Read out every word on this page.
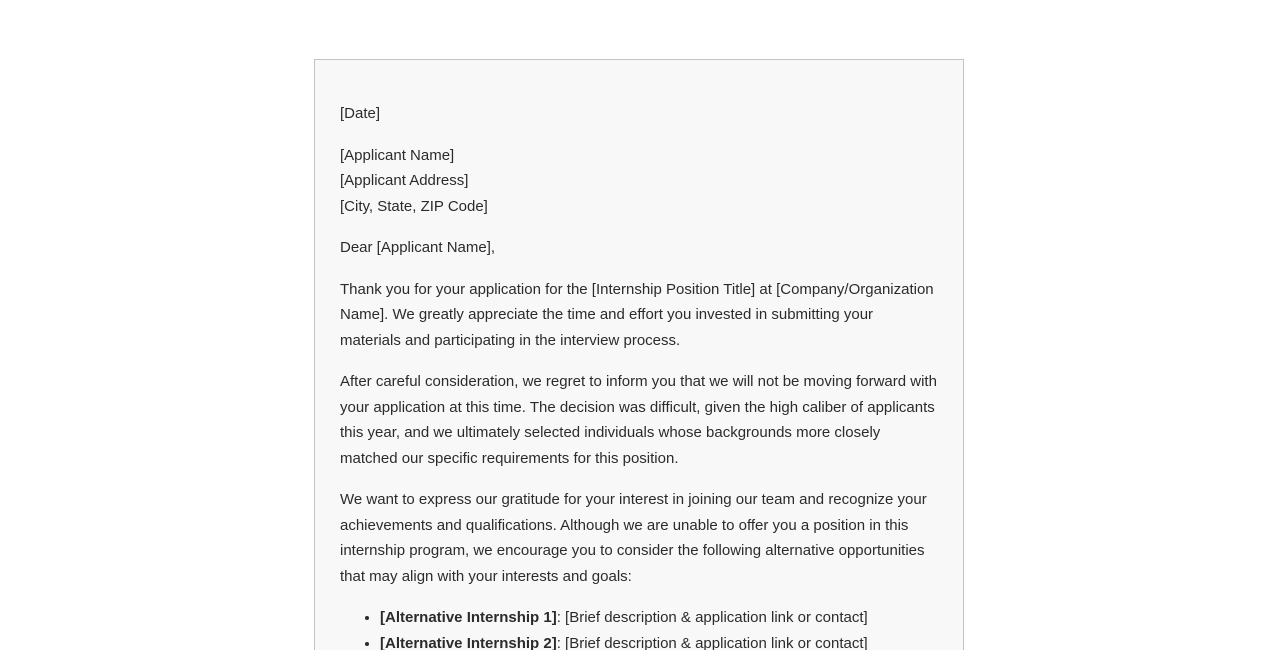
[Date]

[Applicant Name]
[Applicant Address]
[City, State, ZIP Code]

Dear [Applicant Name],

Thank you for your application for the [Internship Position Title] at [Company/Organization Name]. We greatly appreciate the time and effort you invested in submitting your materials and participating in the interview process.

After careful consideration, we regret to inform you that we will not be moving forward with your application at this time. The decision was difficult, given the high caliber of applicants this year, and we ultimately selected individuals whose backgrounds more closely matched our specific requirements for this position.

We want to express our gratitude for your interest in joining our team and recognize your achievements and qualifications. Although we are unable to offer you a position in this internship program, we encourage you to consider the following alternative opportunities that may align with your interests and goals:

• [Alternative Internship 1]: [Brief description & application link or contact]
• [Alternative Internship 2]: [Brief description & application link or contact]
